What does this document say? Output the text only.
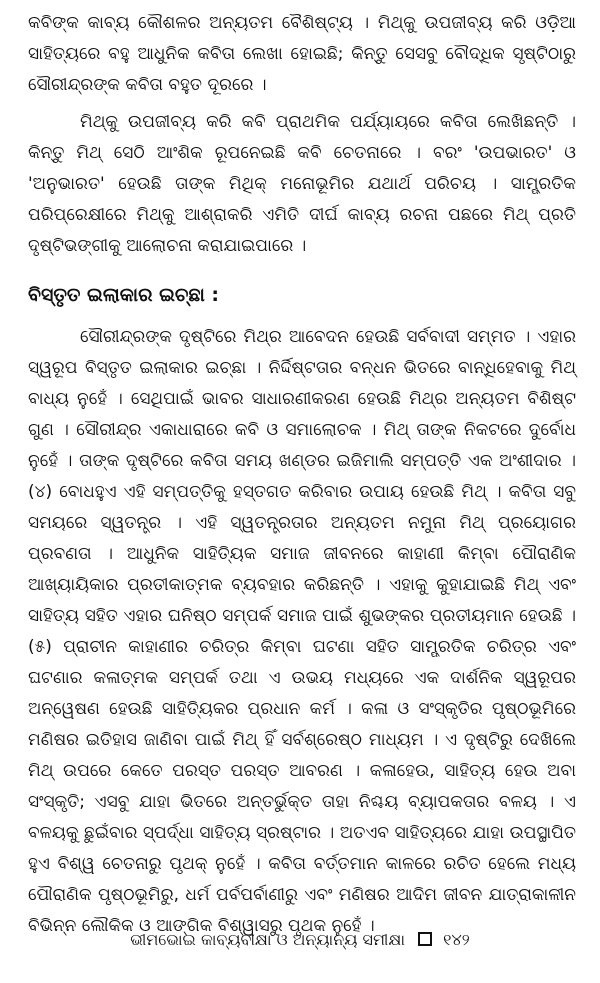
କବିଙ୍କ କାବ୍ୟ କୌଶଳର ଅନ୍ୟତମ ବୈଶିଷ୍ଟ୍ୟ । ମିଥ୍‌କୁ ଉପଜୀବ୍ୟ କରି ଓଡ଼ିଆ ସାହିତ୍ୟରେ ବହୁ ଆଧୁନିକ କବିତା ଲେଖା ହୋଇଛି; କିନ୍ତୁ ସେସବୁ ବୌଦ୍ଧିକ ସୃଷ୍ଟିଠାରୁ ସୌରୀନ୍ଦ୍ରଙ୍କ କବିତା ବହୁତ ଦୂରରେ ।

ମିଥ୍‌କୁ ଉପଜୀବ୍ୟ କରି କବି ପ୍ରାଥମିକ ପର୍ଯ୍ୟାୟରେ କବିତା ଲେଖିଛନ୍ତି । କିନ୍ତୁ ମିଥ୍ ସେଠି ଆଂଶିକ ରୂପନେଇଛି କବି ଚେତନାରେ । ବରଂ 'ଉପଭାରତ' ଓ 'ଅନୁଭାରତ' ହେଉଛି ତାଙ୍କ ମିଥିକ୍ ମନୋଭୂମିର ଯଥାର୍ଥ ପରିଚୟ । ସାମ୍ପ୍ରତିକ ପରିପ୍ରେକ୍ଷୀରେ ମିଥ୍‌କୁ ଆଶ୍ରାକରି ଏମିତି ଦୀର୍ଘ କାବ୍ୟ ରଚନା ପଛରେ ମିଥ୍ ପ୍ରତି ଦୃଷ୍ଟିଭଙ୍ଗୀକୁ ଆଲୋଚନା କରାଯାଇପାରେ ।

ବିସ୍ତୃତ ଇଲାକାର ଇଚ୍ଛା :

ସୌରୀନ୍ଦ୍ରଙ୍କ ଦୃଷ୍ଟିରେ ମିଥ୍‌ର ଆବେଦନ ହେଉଛି ସର୍ବବାଦୀ ସମ୍ମତ । ଏହାର ସ୍ୱରୂପ ବିସ୍ତୃତ ଇଲାକାର ଇଚ୍ଛା । ନିର୍ଦ୍ଦିଷ୍ଟତାର ବନ୍ଧନ ଭିତରେ ବାନ୍ଧିହେବାକୁ ମିଥ୍ ବାଧ୍ୟ ନୁହେଁ । ସେଥିପାଇଁ ଭାବର ସାଧାରଣୀକରଣ ହେଉଛି ମିଥ୍‌ର ଅନ୍ୟତମ ବିଶିଷ୍ଟ ଗୁଣ । ସୌରୀନ୍ଦ୍ର ଏକାଧାରାରେ କବି ଓ ସମାଲୋଚକ । ମିଥ୍ ତାଙ୍କ ନିକଟରେ ଦୁର୍ବୋଧ ନୁହେଁ । ତାଙ୍କ ଦୃଷ୍ଟିରେ କବିତା ସମୟ ଖଣ୍ଡର ଇଜିମାଲି ସମ୍ପତ୍ତି ଏକ ଅଂଶୀଦାର । (୪) ବୋଧହୁଏ ଏହି ସମ୍ପତ୍ତିକୁ ହସ୍ତଗତ କରିବାର ଉପାୟ ହେଉଛି ମିଥ୍ । କବିତା ସବୁ ସମୟରେ ସ୍ୱତନ୍ତ୍ର । ଏହି ସ୍ୱତନ୍ତ୍ରତାର ଅନ୍ୟତମ ନମୁନା ମିଥ୍ ପ୍ରୟୋଗର ପ୍ରବଣତା । ଆଧୁନିକ ସାହିତ୍ୟିକ ସମାଜ ଜୀବନରେ କାହାଣୀ କିମ୍ବା ପୌରାଣିକ ଆଖ୍ୟାୟିକାର ପ୍ରତୀକାତ୍ମକ ବ୍ୟବହାର କରିଛନ୍ତି । ଏହାକୁ କୁହାଯାଇଛି ମିଥ୍ ଏବଂ ସାହିତ୍ୟ ସହିତ ଏହାର ଘନିଷ୍ଠ ସମ୍ପର୍କ ସମାଜ ପାଇଁ ଶୁଭଙ୍କର ପ୍ରତୀୟମାନ ହେଉଛି । (୫) ପ୍ରାଚୀନ କାହାଣୀର ଚରିତ୍ର କିମ୍ବା ଘଟଣା ସହିତ ସାମ୍ପ୍ରତିକ ଚରିତ୍ର ଏବଂ ଘଟଣାର କଳାତ୍ମକ ସମ୍ପର୍କ ତଥା ଏ ଉଭୟ ମଧ୍ୟରେ ଏକ ଦାର୍ଶନିକ ସ୍ୱରୂପର ଅନ୍ୱେଷଣ ହେଉଛି ସାହିତ୍ୟିକର ପ୍ରଧାନ କର୍ମ । କଳା ଓ ସଂସ୍କୃତିର ପୃଷ୍ଠଭୂମିରେ ମଣିଷର ଇତିହାସ ଜାଣିବା ପାଇଁ ମିଥ୍ ହିଁ ସର୍ବଶ୍ରେଷ୍ଠ ମାଧ୍ୟମ । ଏ ଦୃଷ୍ଟିରୁ ଦେଖିଲେ ମିଥ୍ ଉପରେ କେତେ ପରସ୍ତ ପରସ୍ତ ଆବରଣ । କଳାହେଉ, ସାହିତ୍ୟ ହେଉ ଅବା ସଂସ୍କୃତି; ଏସବୁ ଯାହା ଭିତରେ ଅନ୍ତର୍ଭୁକ୍ତ ତାହା ନିଶ୍ଚୟ ବ୍ୟାପକତାର ବଳୟ । ଏ ବଳୟକୁ ଛୁଇଁବାର ସ୍ପର୍ଦ୍ଧା ସାହିତ୍ୟ ସ୍ରଷ୍ଟାର । ଅତଏବ ସାହିତ୍ୟରେ ଯାହା ଉପସ୍ଥାପିତ ହୁଏ ବିଶ୍ୱ ଚେତନାରୁ ପୃଥକ୍ ନୁହେଁ । କବିତା ବର୍ତ୍ତମାନ କାଳରେ ରଚିତ ହେଲେ ମଧ୍ୟ ପୌରାଣିକ ପୃଷ୍ଠଭୂମିରୁ, ଧର୍ମ ପର୍ବପର୍ବାଣୀରୁ ଏବଂ ମଣିଷର ଆଦିମ ଜୀବନ ଯାତ୍ରାକାଳୀନ ବିଭିନ୍ନ ଲୌକିକ ଓ ଆଙ୍ଗିକ ବିଶ୍ୱାସରୁ ପୃଥକ ନୁହେଁ ।

ଭୀମଭୋଇ କାବ୍ୟବୀକ୍ଷା ଓ ଅନ୍ୟାନ୍ୟ ସମୀକ୍ଷା ୧୪୨
